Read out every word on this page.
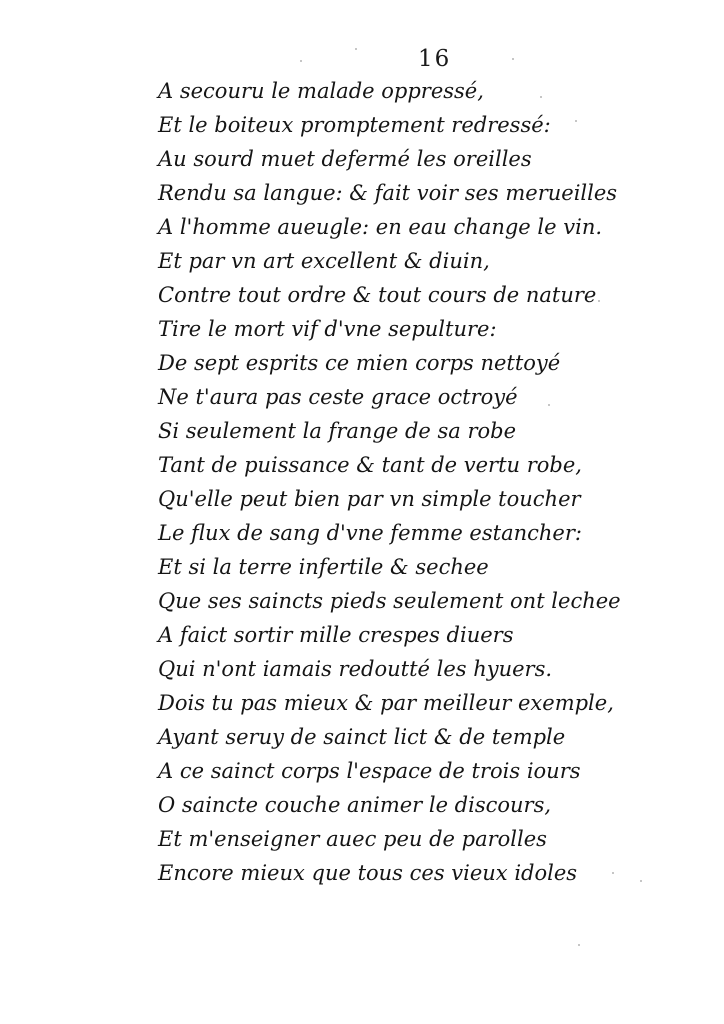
16
A secouru le malade oppressé,
Et le boiteux promptement redressé:
Au sourd muet defermé les oreilles
Rendu sa langue: & fait voir ses merueilles
A l'homme aueugle: en eau change le vin.
Et par vn art excellent & diuin,
Contre tout ordre & tout cours de nature
Tire le mort vif d'vne sepulture:
De sept esprits ce mien corps nettoyé
Ne t'aura pas ceste grace octroyé
Si seulement la frange de sa robe
Tant de puissance & tant de vertu robe,
Qu'elle peut bien par vn simple toucher
Le flux de sang d'vne femme estancher:
Et si la terre infertile & sechee
Que ses saincts pieds seulement ont lechee
A faict sortir mille crespes diuers
Qui n'ont iamais redoutté les hyuers.
Dois tu pas mieux & par meilleur exemple,
Ayant seruy de sainct lict & de temple
A ce sainct corps l'espace de trois iours
O saincte couche animer le discours,
Et m'enseigner auec peu de parolles
Encore mieux que tous ces vieux idoles
